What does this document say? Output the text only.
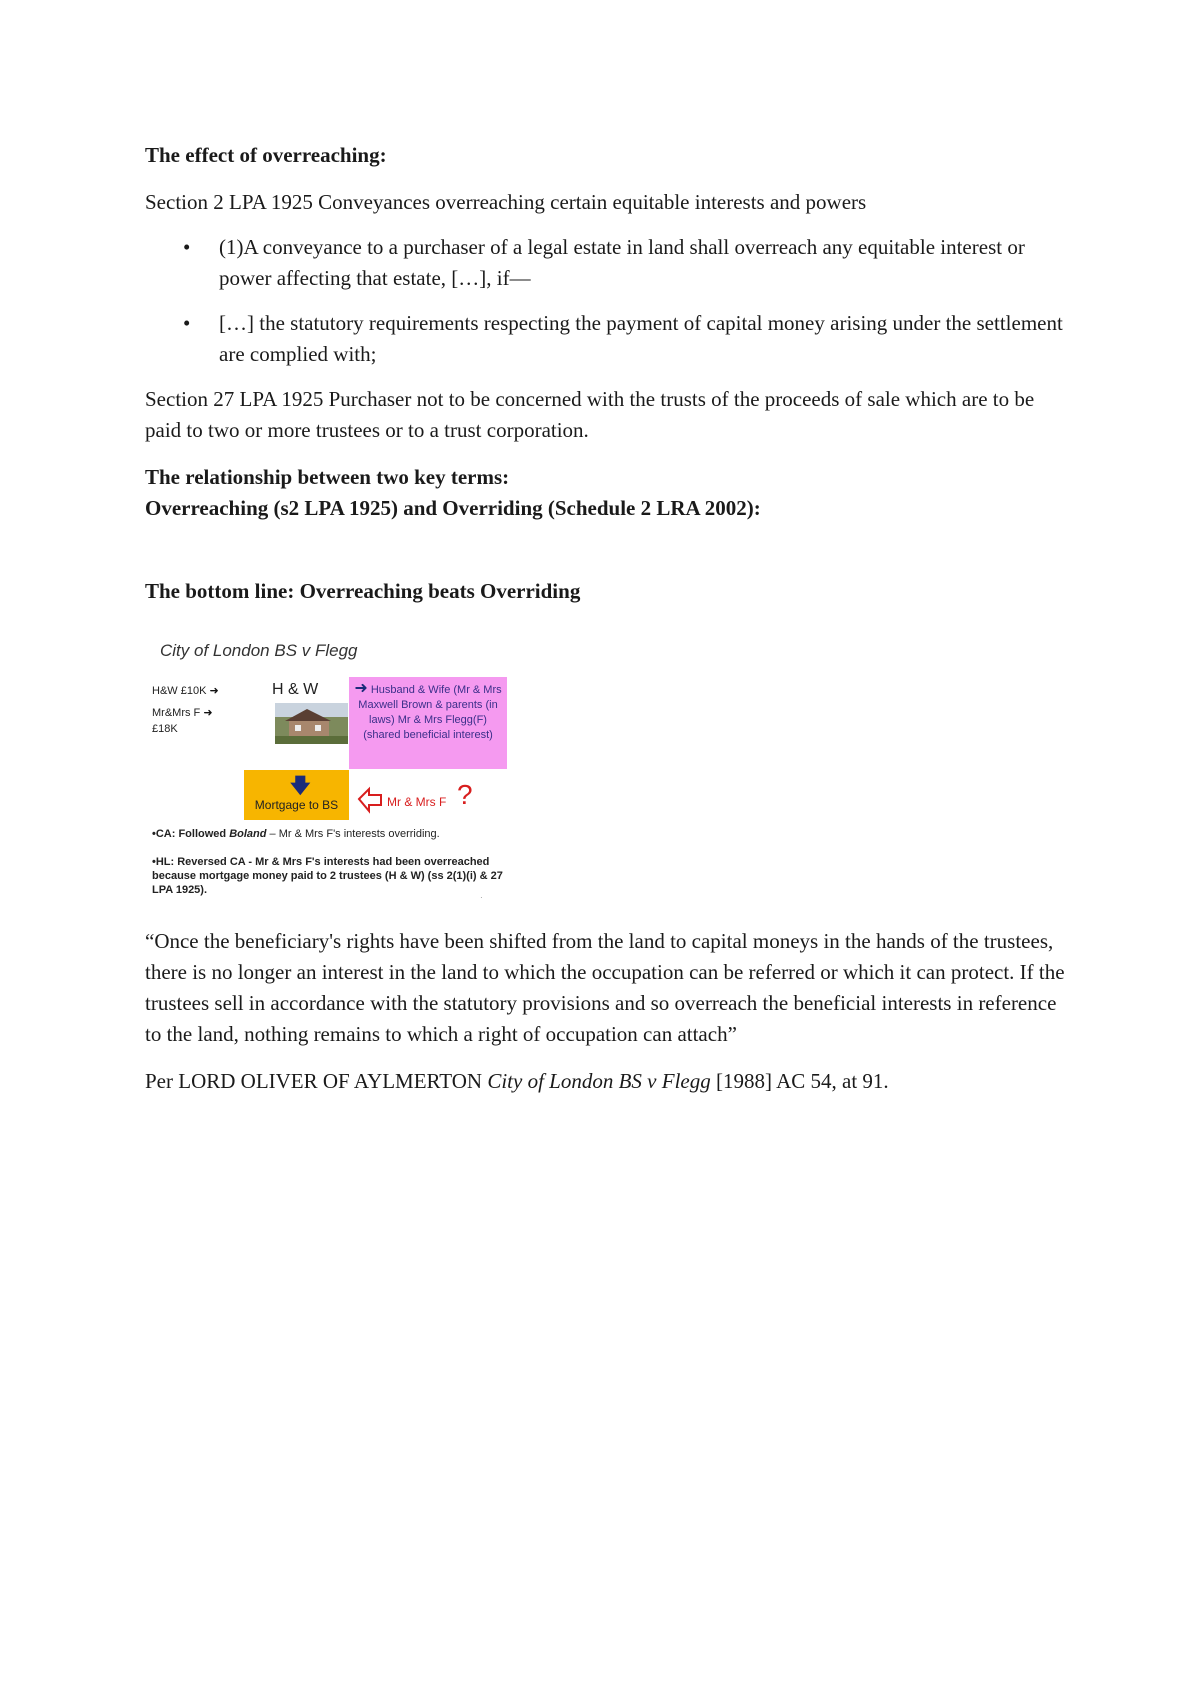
The effect of overreaching:

Section 2 LPA 1925 Conveyances overreaching certain equitable interests and powers

• (1)A conveyance to a purchaser of a legal estate in land shall overreach any equitable interest or power affecting that estate, […], if—
• […] the statutory requirements respecting the payment of capital money arising under the settlement are complied with;

Section 27 LPA 1925 Purchaser not to be concerned with the trusts of the proceeds of sale which are to be paid to two or more trustees or to a trust corporation.

The relationship between two key terms:

Overreaching (s2 LPA 1925) and Overriding (Schedule 2 LRA 2002):

The bottom line: Overreaching beats Overriding

City of London BS v Flegg
H&W £10K ➜
Mr&Mrs F ➜
£18K
H & W	➜ Husband & Wife (Mr & Mrs Maxwell Brown & parents (in laws) Mr & Mrs Flegg(F) (shared beneficial interest)
Mortgage to BS
🡇
Mr & Mrs F ?
•CA: Followed Boland – Mr & Mrs F's interests overriding.
•HL: Reversed CA - Mr & Mrs F's interests had been overreached because mortgage money paid to 2 trustees (H & W) (ss 2(1)(i) & 27 LPA 1925).
·

“Once the beneficiary's rights have been shifted from the land to capital moneys in the hands of the trustees, there is no longer an interest in the land to which the occupation can be referred or which it can protect. If the trustees sell in accordance with the statutory provisions and so overreach the beneficial interests in reference to the land, nothing remains to which a right of occupation can attach”

Per LORD OLIVER OF AYLMERTON City of London BS v Flegg [1988] AC 54, at 91.
